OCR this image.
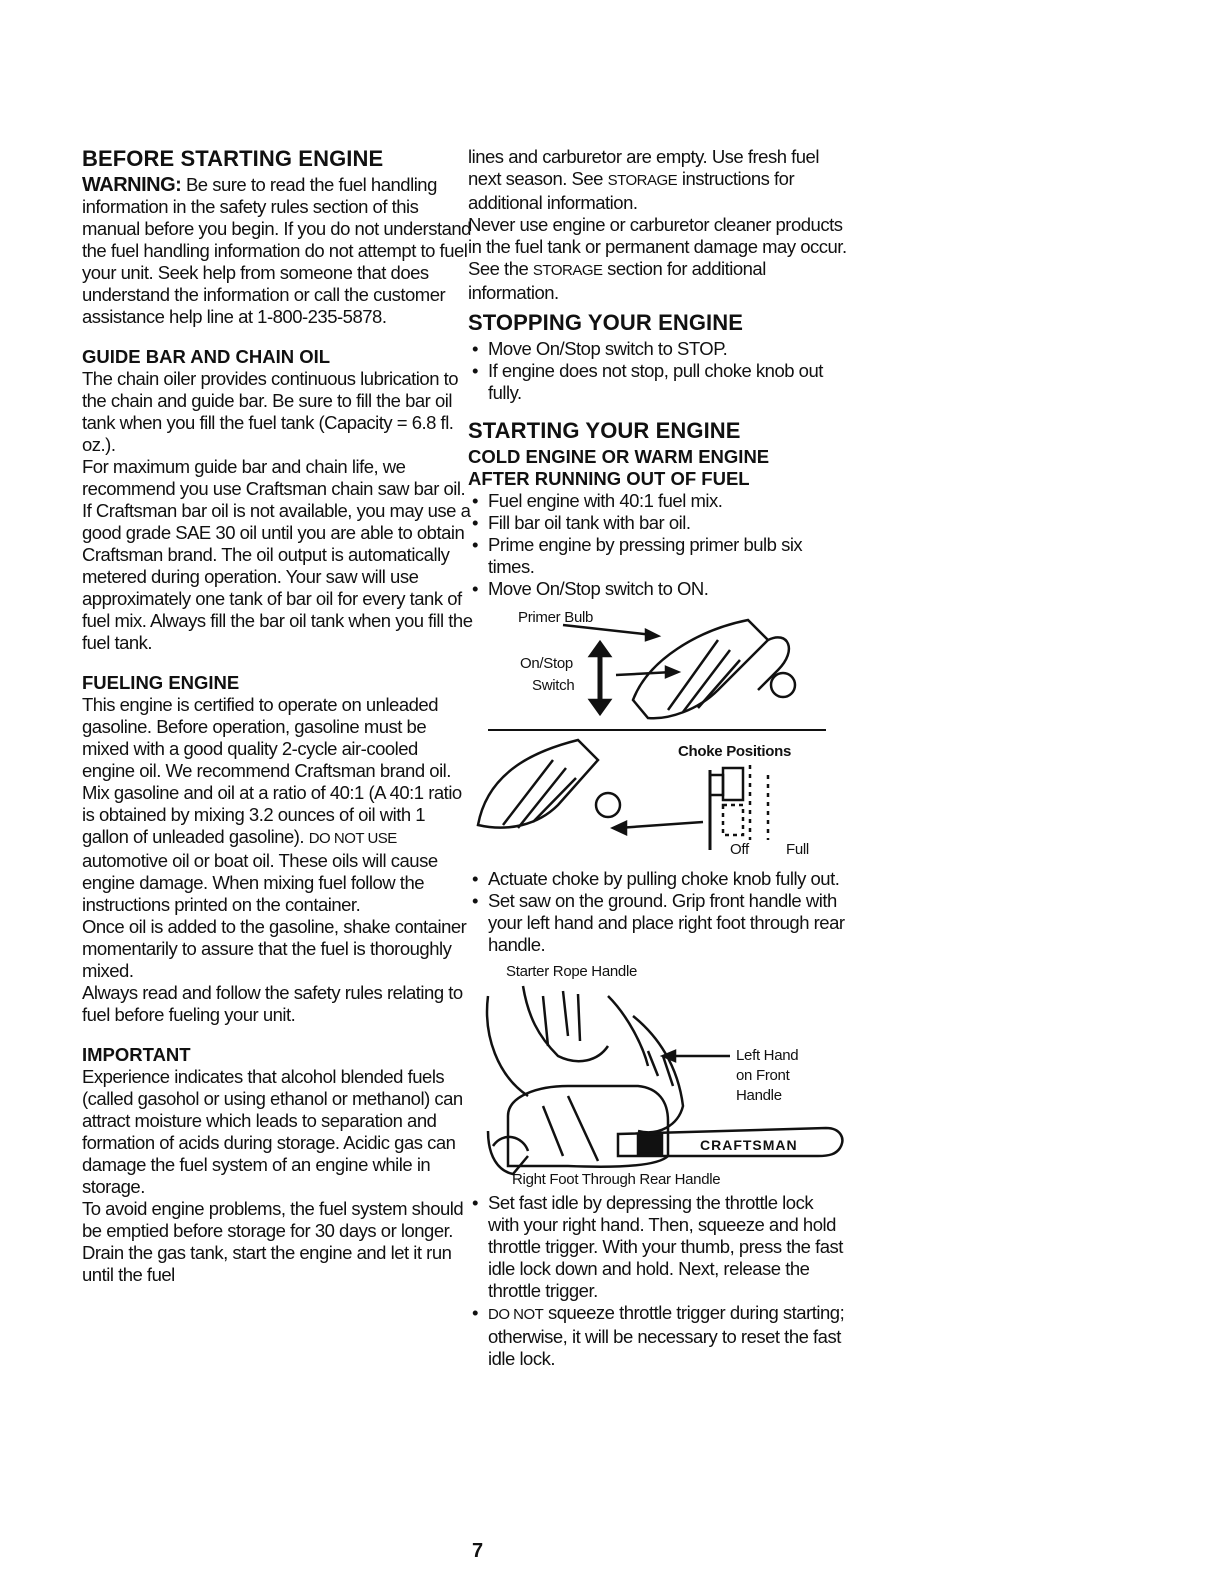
BEFORE STARTING ENGINE

WARNING: Be sure to read the fuel handling information in the safety rules section of this manual before you begin. If you do not understand the fuel handling information do not attempt to fuel your unit. Seek help from someone that does understand the information or call the customer assistance help line at 1-800-235-5878.

GUIDE BAR AND CHAIN OIL

The chain oiler provides continuous lubrication to the chain and guide bar. Be sure to fill the bar oil tank when you fill the fuel tank (Capacity = 6.8 fl. oz.).

For maximum guide bar and chain life, we recommend you use Craftsman chain saw bar oil. If Craftsman bar oil is not available, you may use a good grade SAE 30 oil until you are able to obtain Craftsman brand. The oil output is automatically metered during operation. Your saw will use approximately one tank of bar oil for every tank of fuel mix. Always fill the bar oil tank when you fill the fuel tank.

FUELING ENGINE

This engine is certified to operate on unleaded gasoline. Before operation, gasoline must be mixed with a good quality 2-cycle air-cooled engine oil. We recommend Craftsman brand oil. Mix gasoline and oil at a ratio of 40:1 (A 40:1 ratio is obtained by mixing 3.2 ounces of oil with 1 gallon of unleaded gasoline). DO NOT USE automotive oil or boat oil. These oils will cause engine damage. When mixing fuel follow the instructions printed on the container.

Once oil is added to the gasoline, shake container momentarily to assure that the fuel is thoroughly mixed.

Always read and follow the safety rules relating to fuel before fueling your unit.

IMPORTANT

Experience indicates that alcohol blended fuels (called gasohol or using ethanol or methanol) can attract moisture which leads to separation and formation of acids during storage. Acidic gas can damage the fuel system of an engine while in storage.

To avoid engine problems, the fuel system should be emptied before storage for 30 days or longer. Drain the gas tank, start the engine and let it run until the fuel

lines and carburetor are empty. Use fresh fuel next season. See STORAGE instructions for additional information.

Never use engine or carburetor cleaner products in the fuel tank or permanent damage may occur.

See the STORAGE section for additional information.

STOPPING YOUR ENGINE
• Move On/Stop switch to STOP.
• If engine does not stop, pull choke knob out fully.
STARTING YOUR ENGINE
COLD ENGINE OR WARM ENGINE
AFTER RUNNING OUT OF FUEL
• Fuel engine with 40:1 fuel mix.
• Fill bar oil tank with bar oil.
• Prime engine by pressing primer bulb six times.
• Move On/Stop switch to ON.
Primer Bulb
On/Stop
Switch
Choke Positions
Off Full
• Actuate choke by pulling choke knob fully out.
• Set saw on the ground. Grip front handle with your left hand and place right foot through rear handle.
CRAFTSMAN
Starter Rope Handle
Left Hand
on Front
Handle
Right Foot Through Rear Handle
• Set fast idle by depressing the throttle lock with your right hand. Then, squeeze and hold throttle trigger. With your thumb, press the fast idle lock down and hold. Next, release the throttle trigger.
• DO NOT squeeze throttle trigger during starting; otherwise, it will be necessary to reset the fast idle lock.
7
